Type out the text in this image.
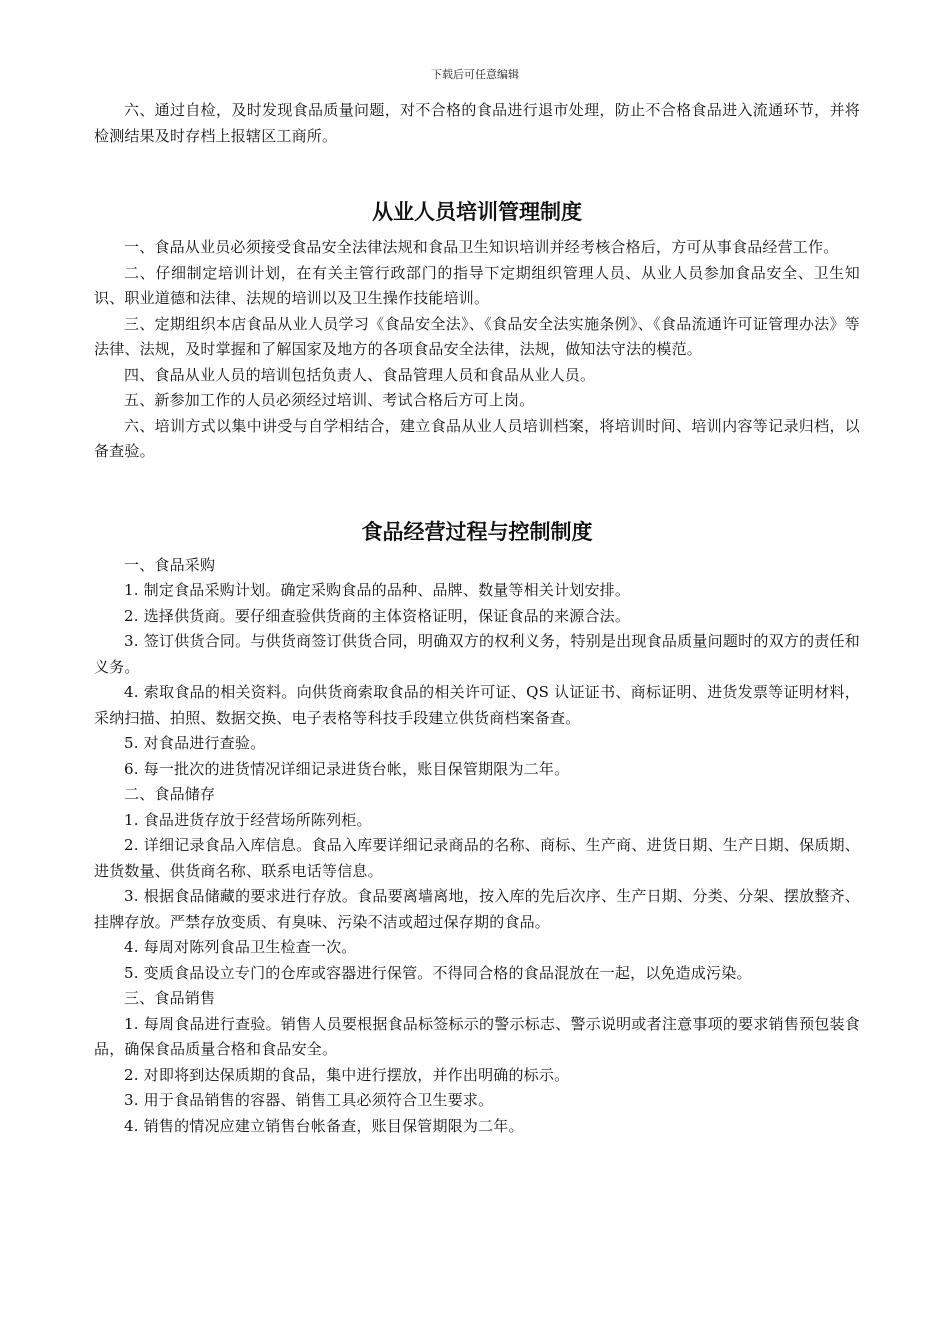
下载后可任意编辑

六、通过自检，及时发现食品质量问题，对不合格的食品进行退市处理，防止不合格食品进入流通环节，并将检测结果及时存档上报辖区工商所。

从业人员培训管理制度

一、食品从业员必须接受食品安全法律法规和食品卫生知识培训并经考核合格后，方可从事食品经营工作。

二、仔细制定培训计划，在有关主管行政部门的指导下定期组织管理人员、从业人员参加食品安全、卫生知识、职业道德和法律、法规的培训以及卫生操作技能培训。

三、定期组织本店食品从业人员学习《食品安全法》、《食品安全法实施条例》、《食品流通许可证管理办法》等法律、法规，及时掌握和了解国家及地方的各项食品安全法律，法规，做知法守法的模范。

四、食品从业人员的培训包括负责人、食品管理人员和食品从业人员。

五、新参加工作的人员必须经过培训、考试合格后方可上岗。

六、培训方式以集中讲受与自学相结合，建立食品从业人员培训档案，将培训时间、培训内容等记录归档，以备查验。

食品经营过程与控制制度

一、食品采购

1. 制定食品采购计划。确定采购食品的品种、品牌、数量等相关计划安排。

2. 选择供货商。要仔细查验供货商的主体资格证明，保证食品的来源合法。

3. 签订供货合同。与供货商签订供货合同，明确双方的权利义务，特别是出现食品质量问题时的双方的责任和义务。

4. 索取食品的相关资料。向供货商索取食品的相关许可证、QS 认证证书、商标证明、进货发票等证明材料，采纳扫描、拍照、数据交换、电子表格等科技手段建立供货商档案备查。

5. 对食品进行查验。

6. 每一批次的进货情况详细记录进货台帐，账目保管期限为二年。

二、食品储存

1. 食品进货存放于经营场所陈列柜。

2. 详细记录食品入库信息。食品入库要详细记录商品的名称、商标、生产商、进货日期、生产日期、保质期、进货数量、供货商名称、联系电话等信息。

3. 根据食品储藏的要求进行存放。食品要离墙离地，按入库的先后次序、生产日期、分类、分架、摆放整齐、挂牌存放。严禁存放变质、有臭味、污染不洁或超过保存期的食品。

4. 每周对陈列食品卫生检查一次。

5. 变质食品设立专门的仓库或容器进行保管。不得同合格的食品混放在一起，以免造成污染。

三、食品销售

1. 每周食品进行查验。销售人员要根据食品标签标示的警示标志、警示说明或者注意事项的要求销售预包装食品，确保食品质量合格和食品安全。

2. 对即将到达保质期的食品，集中进行摆放，并作出明确的标示。

3. 用于食品销售的容器、销售工具必须符合卫生要求。

4. 销售的情况应建立销售台帐备查，账目保管期限为二年。
